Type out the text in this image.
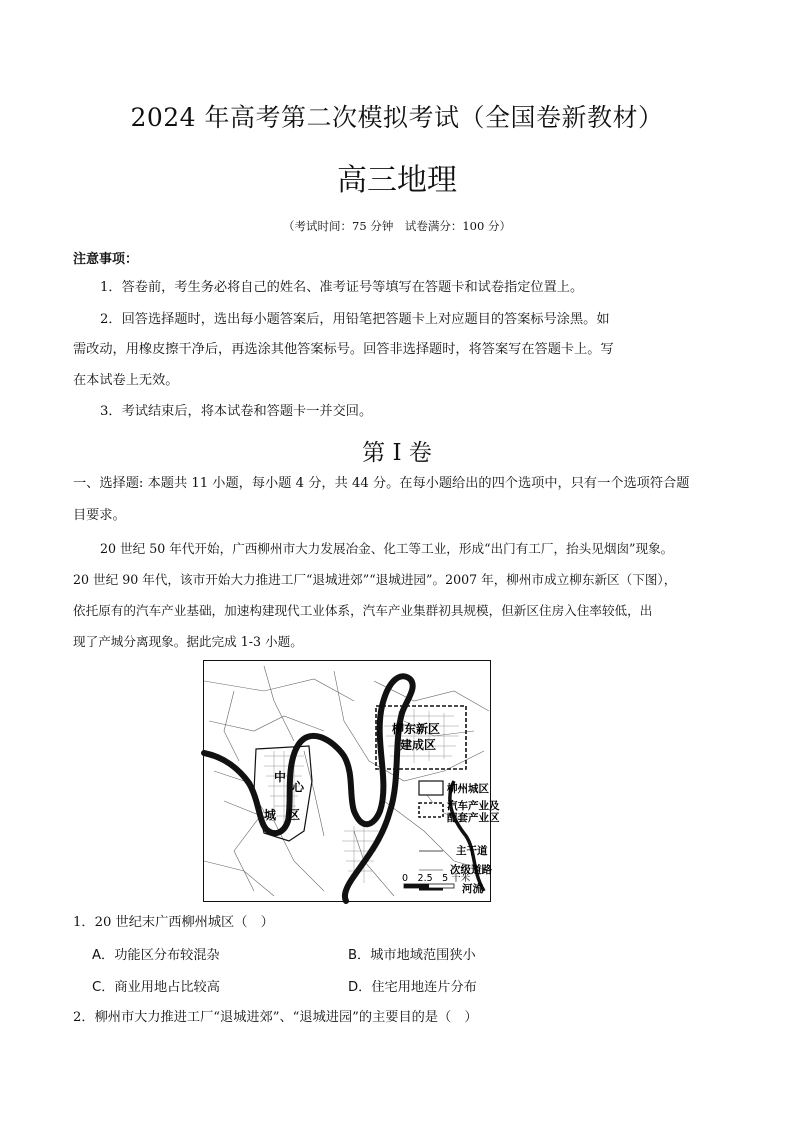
2024 年高考第二次模拟考试（全国卷新教材）
高三地理
（考试时间：75 分钟　试卷满分：100 分）
注意事项：
1．答卷前，考生务必将自己的姓名、准考证号等填写在答题卡和试卷指定位置上。
2．回答选择题时，选出每小题答案后，用铅笔把答题卡上对应题目的答案标号涂黑。如
需改动，用橡皮擦干净后，再选涂其他答案标号。回答非选择题时，将答案写在答题卡上。写
在本试卷上无效。
3．考试结束后，将本试卷和答题卡一并交回。
第 I 卷
一、选择题: 本题共 11 小题，每小题 4 分，共 44 分。在每小题给出的四个选项中，只有一个选项符合题
目要求。
20 世纪 50 年代开始，广西柳州市大力发展冶金、化工等工业，形成“出门有工厂，抬头见烟囱”现象。
20 世纪 90 年代，该市开始大力推进工厂“退城进郊”“退城进园”。2007 年，柳州市成立柳东新区（下图），
依托原有的汽车产业基础，加速构建现代工业体系，汽车产业集群初具规模，但新区住房入住率较低，出
现了产城分离现象。据此完成 1-3 小题。
柳东新区
建成区
中
心
城 区
柳州城区
汽车产业及
配套产业区
主干道
次级道路
河流
0　2.5　5 千米
1．20 世纪末广西柳州城区（　）
A．功能区分布较混杂	B．城市地域范围狭小
C．商业用地占比较高	D．住宅用地连片分布
2．柳州市大力推进工厂“退城进郊”、“退城进园”的主要目的是（　）
